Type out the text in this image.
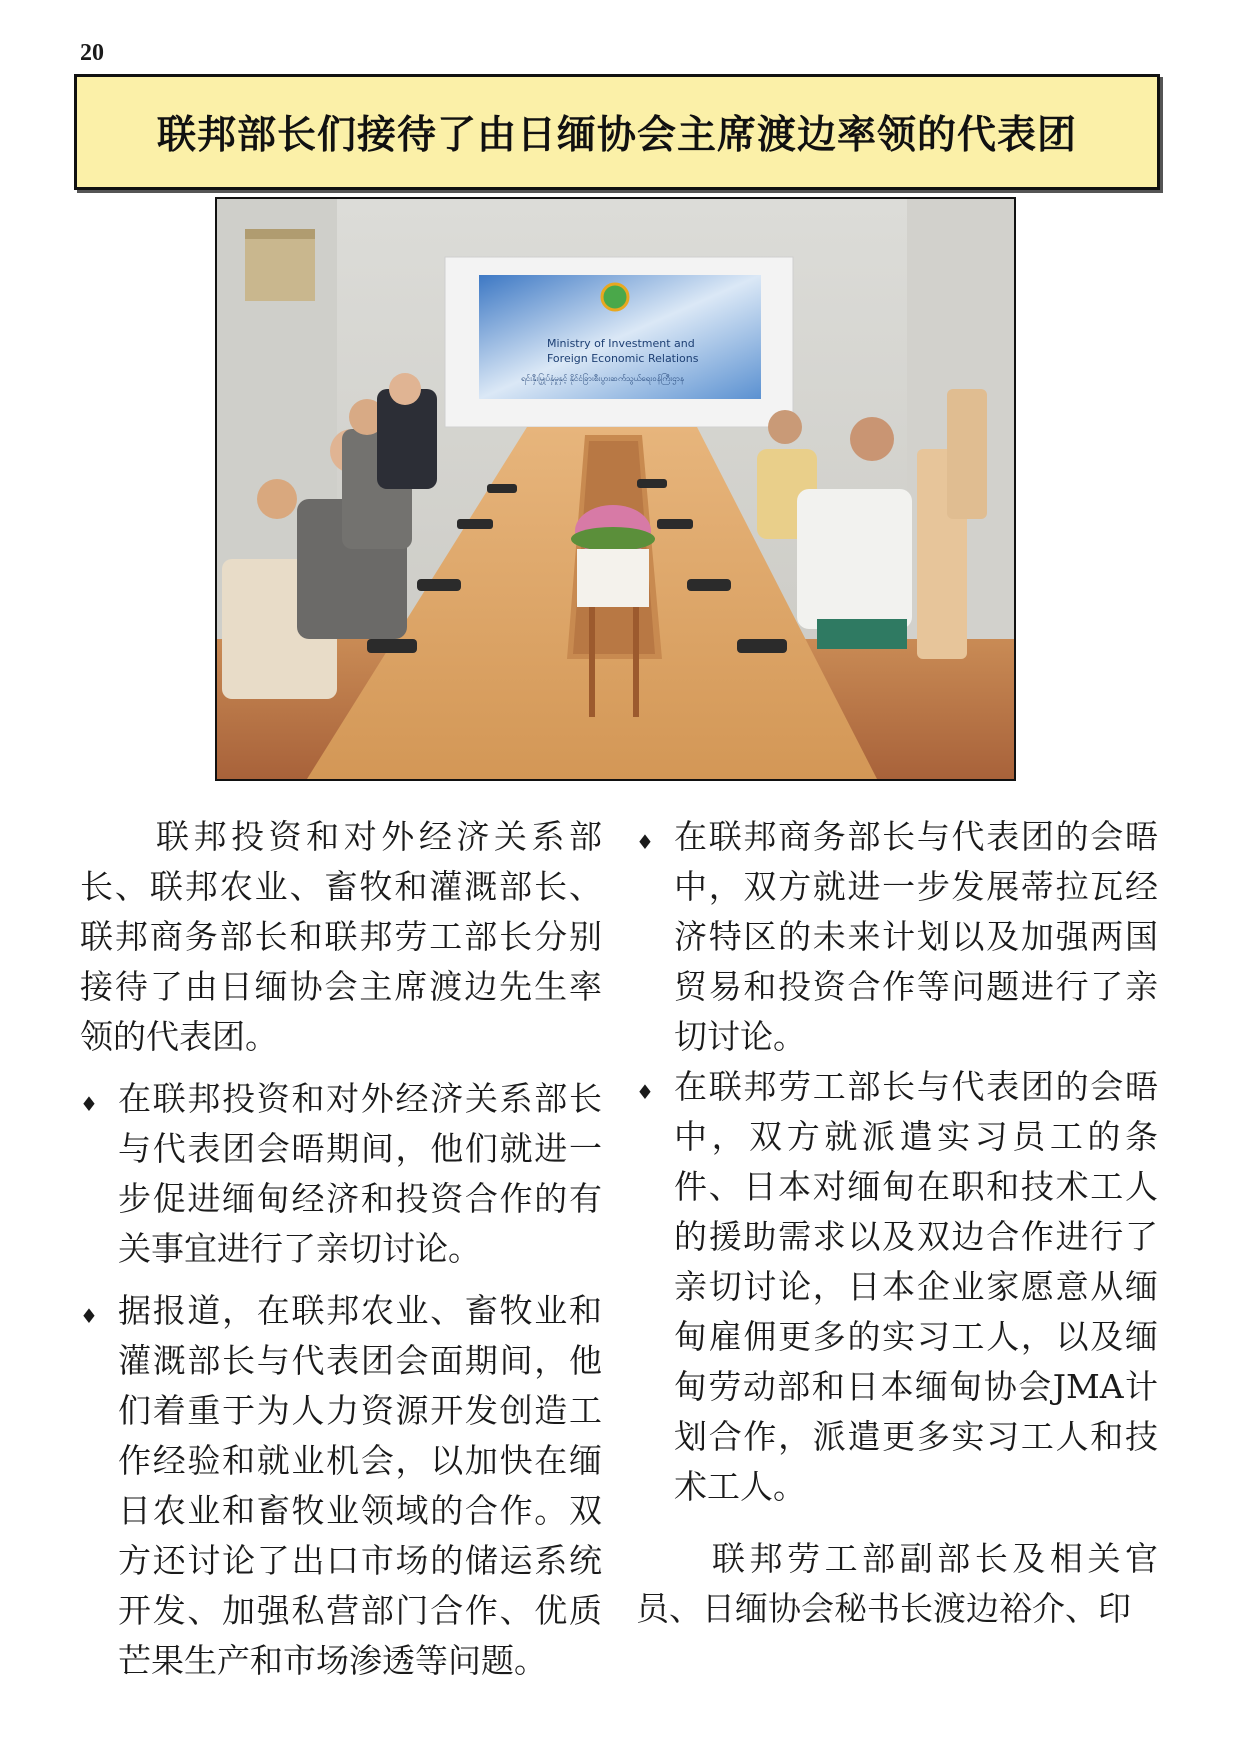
20
联邦部长们接待了由日缅协会主席渡边率领的代表团
Ministry of Investment and
Foreign Economic Relations
ရင်းနှီးမြှုပ်နှံမှုနှင့် နိုင်ငံခြားစီးပွားဆက်သွယ်ရေးဝန်ကြီးဌာန

联邦投资和对外经济关系部长、联邦农业、畜牧和灌溉部长、联邦商务部长和联邦劳工部长分别接待了由日缅协会主席渡边先生率领的代表团。

♦ 在联邦投资和对外经济关系部长与代表团会晤期间，他们就进一步促进缅甸经济和投资合作的有关事宜进行了亲切讨论。

♦ 据报道，在联邦农业、畜牧业和灌溉部长与代表团会面期间，他们着重于为人力资源开发创造工作经验和就业机会，以加快在缅日农业和畜牧业领域的合作。双方还讨论了出口市场的储运系统开发、加强私营部门合作、优质芒果生产和市场渗透等问题。

♦ 在联邦商务部长与代表团的会晤中，双方就进一步发展蒂拉瓦经济特区的未来计划以及加强两国贸易和投资合作等问题进行了亲切讨论。

♦ 在联邦劳工部长与代表团的会晤中，双方就派遣实习员工的条件、日本对缅甸在职和技术工人的援助需求以及双边合作进行了亲切讨论，日本企业家愿意从缅甸雇佣更多的实习工人，以及缅甸劳动部和日本缅甸协会JMA计划合作，派遣更多实习工人和技术工人。

联邦劳工部副部长及相关官员、日缅协会秘书长渡边裕介、印
